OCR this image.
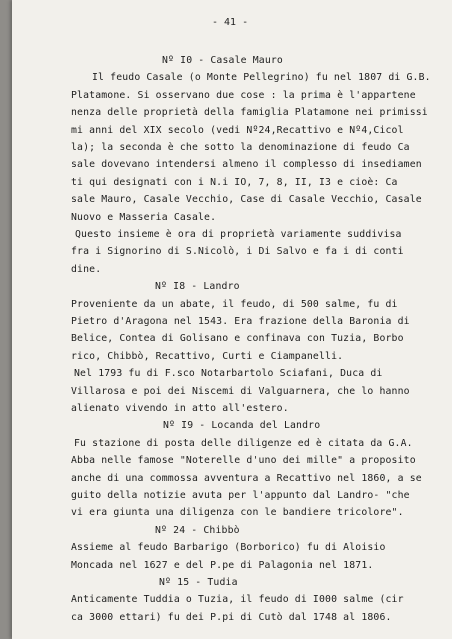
- 41 -
Nº I0 - Casale Mauro
Il feudo Casale (o Monte Pellegrino) fu nel 1807 di G.B.
Platamone. Si osservano due cose : la prima è l'appartene
nenza delle proprietà della famiglia Platamone nei primissi
mi anni del XIX secolo (vedi Nº24,Recattivo e Nº4,Cicol
la); la seconda è che sotto la denominazione di feudo Ca
sale dovevano intendersi almeno il complesso di insediamen
ti qui designati con i N.i IO, 7, 8, II, I3 e cioè: Ca
sale Mauro, Casale Vecchio, Case di Casale Vecchio, Casale
Nuovo e Masseria Casale.
Questo insieme è ora di proprietà variamente suddivisa
fra i Signorino di S.Nicolò, i Di Salvo e fa i di conti
dine.
Nº I8 - Landro
Proveniente da un abate, il feudo, di 500 salme, fu di
Pietro d'Aragona nel 1543. Era frazione della Baronia di
Belice, Contea di Golisano e confinava con Tuzia, Borbo
rico, Chibbò, Recattivo, Curti e Ciampanelli.
Nel 1793 fu di F.sco Notarbartolo Sciafani, Duca di
Villarosa e poi dei Niscemi di Valguarnera, che lo hanno
alienato vivendo in atto all'estero.
Nº I9 - Locanda del Landro
Fu stazione di posta delle diligenze ed è citata da G.A.
Abba nelle famose "Noterelle d'uno dei mille" a proposito
anche di una commossa avventura a Recattivo nel 1860, a se
guito della notizie avuta per l'appunto dal Landro- "che
vi era giunta una diligenza con le bandiere tricolore".
Nº 24 - Chibbò
Assieme al feudo Barbarigo (Borborico) fu di Aloisio
Moncada nel 1627 e del P.pe di Palagonia nel 1871.
Nº 15 - Tudia
Anticamente Tuddia o Tuzia, il feudo di I000 salme (cir
ca 3000 ettari) fu dei P.pi di Cutò dal 1748 al 1806.
